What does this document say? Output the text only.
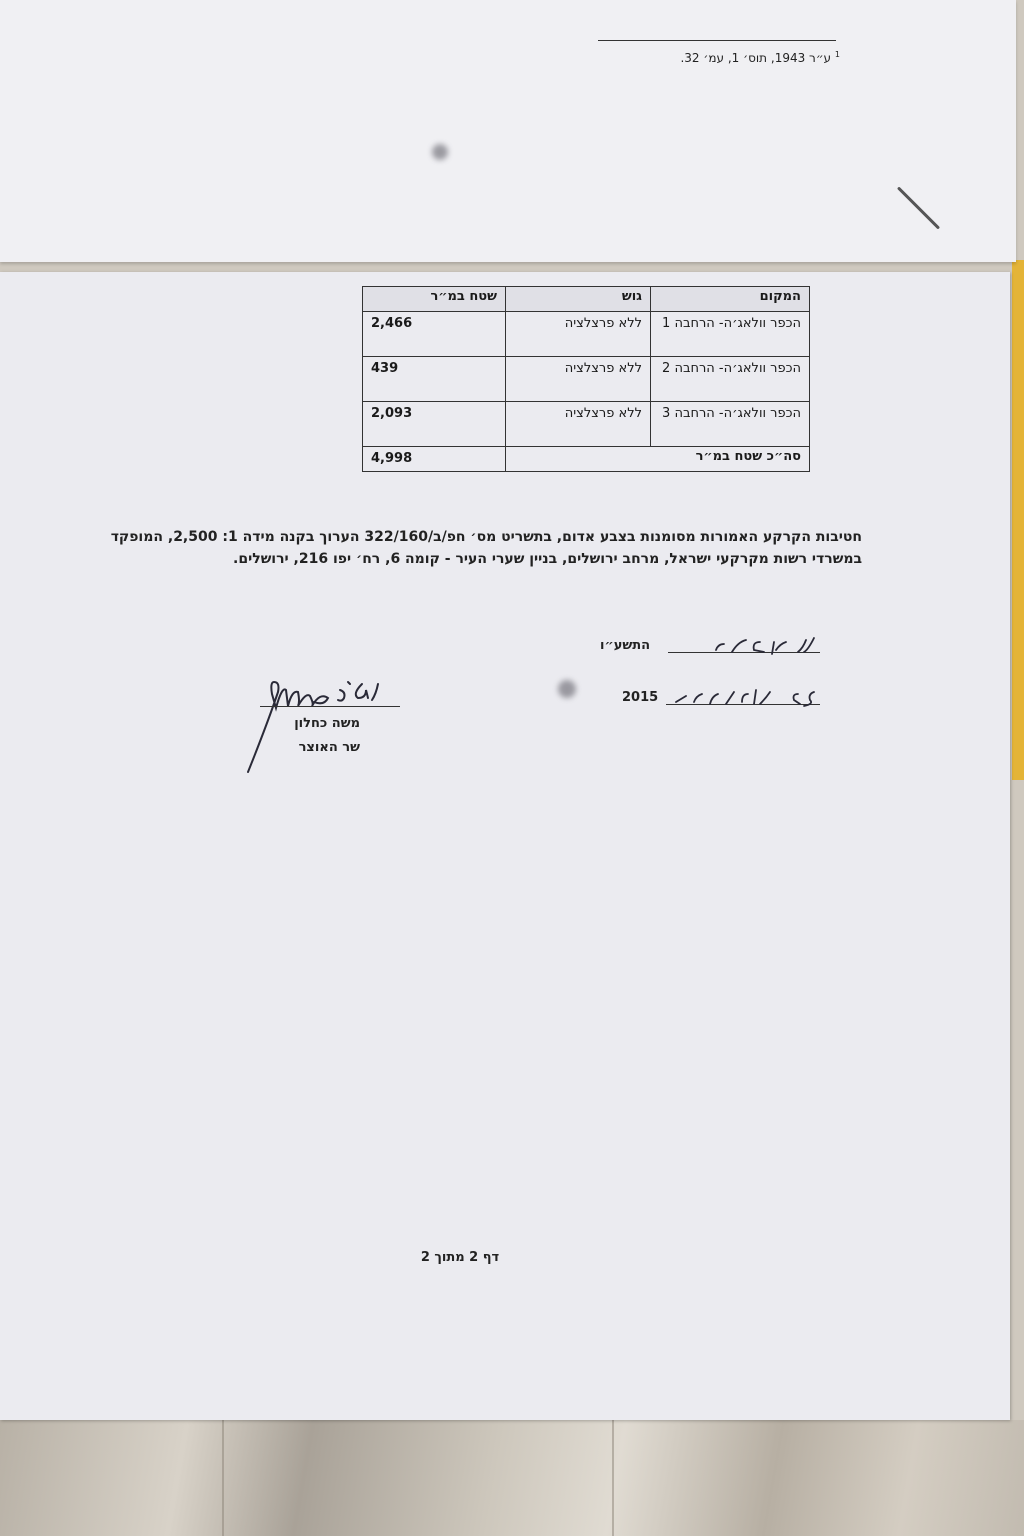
$^1$ ע״ר 1943, תוס׳ 1, עמ׳ 32.
המקום	גוש	שטח במ״ר
הכפר וולאג׳ה- הרחבה 1	ללא פרצלציה	2,466
הכפר וולאג׳ה- הרחבה 2	ללא פרצלציה	439
הכפר וולאג׳ה- הרחבה 3	ללא פרצלציה	2,093
סה״כ שטח במ״ר		4,998
חטיבות הקרקע האמורות מסומנות בצבע אדום, בתשריט מס׳ חפ/ב/322/160 הערוך בקנה מידה 1: 2,500, המופקד במשרדי רשות מקרקעי ישראל, מרחב ירושלים, בניין שערי העיר - קומה 6, רח׳ יפו 216, ירושלים.
התשע״ו
2015
משה כחלון
שר האוצר
דף 2 מתוך 2
